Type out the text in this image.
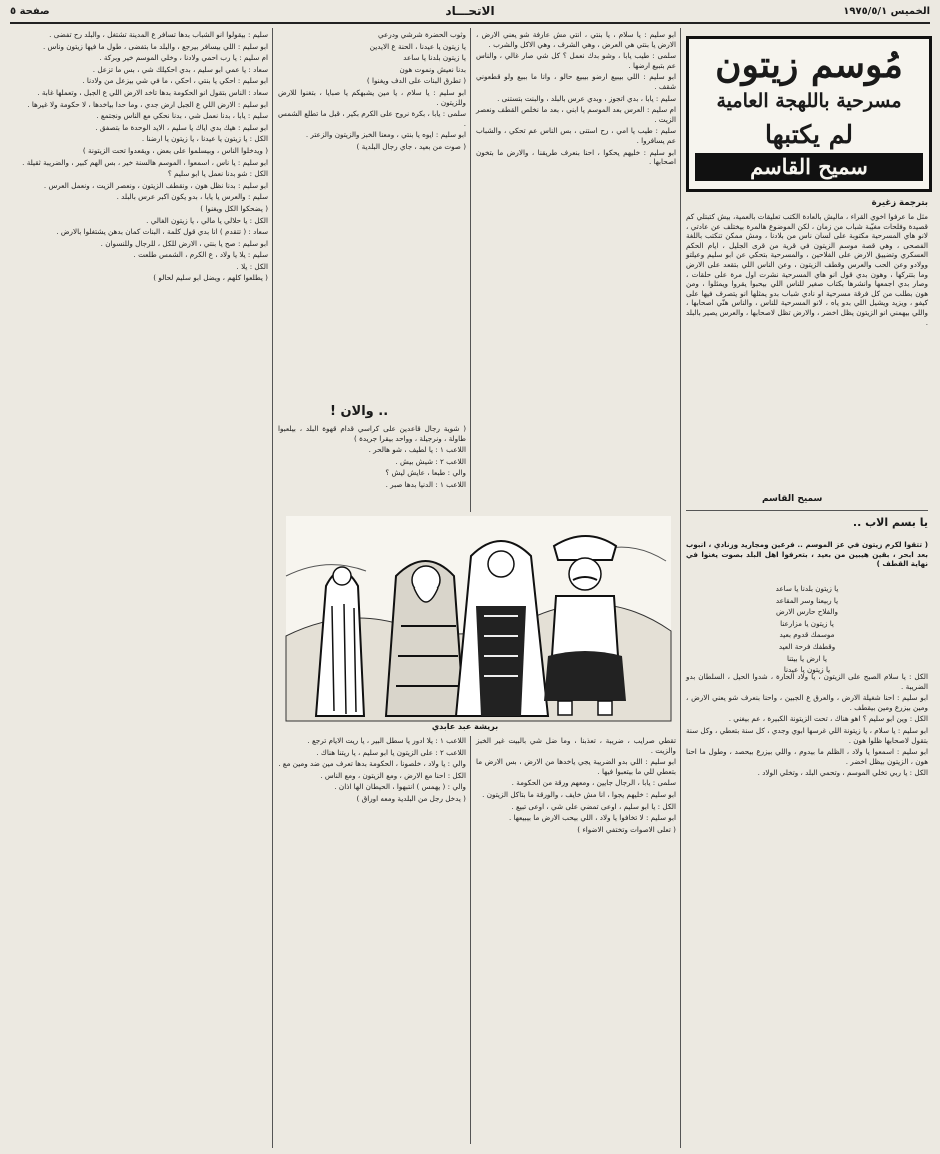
الخميس ١٩٧٥/٥/١
الاتحـــاد
صفحة ٥
مُوسم زيتون
مسرحية باللهجة العامية
لم يكتبها
سميح القاسم
بترجمة زغيرة
مثل ما عرفوا اخوي القراء ، ماليش بالعادة الكتب تعليقات بالعمية، بيش كتبتلي كم قصيدة وفلحات مغيّبة شباب من زمان ، لكن الموضوع هالمرة بيختلف عن عادتي ، لانو هاي المسرحية مكتوبة على لسان ناس من بلادنا ، ومش ممكن تنكتب باللغة الفصحى ، وهي قصة موسم الزيتون في قرية من قرى الجليل ، ايام الحكم العسكري وتضييق الارض على الفلاحين ، والمسرحية بتحكي عن ابو سليم وعيلتو وولادو وعن الحب والعرس وقطف الزيتون ، وعن الناس اللي بتقعد على الارض وما بتتركها ، وهون بدي قول انو هاي المسرحية نشرت اول مرة على حلقات ، وصار بدي اجمعها وانشرها بكتاب صغير للناس اللي بيحبوا يقروا ويمثلوا ، ومن هون بطلب من كل فرقة مسرحية او نادي شباب بدو يمثلها انو يتصرف فيها على كيفو ، ويزيد ويشيل اللي بدو ياه ، لانو المسرحية للناس ، والناس هنّي اصحابها ، واللي بيهمني انو الزيتون يظل اخضر ، والارض تظل لاصحابها ، والعرس يصير بالبلد .
سميح القاسم
يا بسم الاب ..
( تتقوا لكرم زيتون في عز الموسم .. فرعين ومجاريد وزنادي ، انبوب بعد ابحر ، بقين هيبين من بعيد ، بتعرفوا اهل البلد بصوت يغنوا في نهاية القطف )

يا زيتون بلدنا يا ساعد

يا ربيعنا وسر المقاعد

والفلاح حارس الارض

يا زيتون يا مزارعنا

موسمك قدوم بعيد

وقطفك فرحة العيد

يا ارض يا بيتنا

يا زيتون يا عيدنا

الكل : يا سلام الصبح على الزيتون ، يا ولاد الحارة ، شدوا الحيل ، السلطان بدو الضريبة .

ابو سليم : احنا شغيلة الارض ، والعرق ع الجبين ، واحنا بنعرف شو يعني الارض ، ومين بيزرع ومين بيقطف .

الكل : وين ابو سليم ؟ اهو هناك ، تحت الزيتونة الكبيرة ، عم بيغني .

ابو سليم : يا سلام ، يا زيتونة اللي غرسها ابوي وجدي ، كل سنة بتعطي ، وكل سنة بتقول لاصحابها ظلوا هون .

ابو سليم : اسمعوا يا ولاد ، الظلم ما بيدوم ، واللي بيزرع بيحصد ، وطول ما احنا هون ، الزيتون بيظل اخضر .

الكل : يا ربي تخلي الموسم ، وتحمي البلد ، وتخلي الولاد .

ابو سليم : يا سلام ، يا بنتي ، انتي مش عارفة شو يعني الارض ، الارض يا بنتي هي العرض ، وهي الشرف ، وهي الاكل والشرب .

سلمى : طيب يابا ، وشو بدك نعمل ؟ كل شي صار غالي ، والناس عم بتبيع ارضها .

ابو سليم : اللي بيبيع ارضو بيبيع حالو ، وانا ما ببيع ولو قطعوني شقف .

سليم : يابا ، بدي اتجوز ، وبدي عرس بالبلد ، والبنت بتستنى .

ام سليم : العرس بعد الموسم يا ابني ، بعد ما نخلص القطف ونعصر الزيت .

سليم : طيب يا امي ، رح استنى ، بس الناس عم تحكي ، والشباب عم يسافروا .

ابو سليم : خليهم يحكوا ، احنا بنعرف طريقنا ، والارض ما بتخون اصحابها .

وثوب الحضرة شرشي ودرعي

يا زيتون يا عيدنا ، الحنة ع الايدين

يا زيتون بلدنا يا ساعد

بدنا نعيش ونموت هون

( تطرق البنات على الدف ويغنوا )

ابو سليم : يا سلام ، يا مين يشبهكم يا صبايا ، بتغنوا للارض وللزيتون .

سلمى : يابا ، بكرة نروح على الكرم بكير ، قبل ما تطلع الشمس .

ابو سليم : ايوه يا بنتي ، ومعنا الخبز والزيتون والزعتر .

( صوت من بعيد ، جاي رجال البلدية )

.. والان !

( شوية رجال قاعدين على كراسي قدام قهوة البلد ، بيلعبوا طاولة ، ونرجيلة ، وواحد بيقرا جريدة )

اللاعب ١ : يا لطيف ، شو هالحر .

اللاعب ٢ : شيش بيش .

والي : طبعا ، عايش ليش ؟

اللاعب ١ : الدنيا بدها صبر .

بريشة عبد عابدي

تقطي صرايب ، ضريبة ، تعذبنا ، وما ضل شي بالبيت غير الخبز والزيت .

ابو سليم : اللي بدو الضريبة يجي ياخدها من الارض ، بس الارض ما بتعطي للي ما بيتعبوا فيها .

سلمى : يابا ، الرجال جايين ، ومعهم ورقة من الحكومة .

ابو سليم : خليهم يجوا ، انا مش خايف ، والورقة ما بتاكل الزيتون .

الكل : يا ابو سليم ، اوعى تمضي على شي ، اوعى تبيع .

ابو سليم : لا تخافوا يا ولاد ، اللي بيحب الارض ما بيبيعها .

( تعلى الاصوات وتختفي الاضواء )

اللاعب ١ : يلا ادور يا سطل البير ، يا ريت الايام ترجع .

اللاعب ٢ : على الزيتون يا ابو سليم ، يا ريتنا هناك .

والي : يا ولاد ، خلصونا ، الحكومة بدها تعرف مين ضد ومين مع .

الكل : احنا مع الارض ، ومع الزيتون ، ومع الناس .

والي : ( يهمس ) انتبهوا ، الحيطان الها اذان .

( يدخل رجل من البلدية ومعه اوراق )

سليم : بيقولوا انو الشباب بدها تسافر ع المدينة تشتغل ، والبلد رح تفضى .

ابو سليم : اللي بيسافر بيرجع ، والبلد ما بتفضى ، طول ما فيها زيتون وناس .

ام سليم : يا رب احمي ولادنا ، وخلي الموسم خير وبركة .

سعاد : يا عمي ابو سليم ، بدي احكيلك شي ، بس ما تزعل .

ابو سليم : احكي يا بنتي ، احكي ، ما في شي بيزعل من ولادنا .

سعاد : الناس بتقول انو الحكومة بدها تاخد الارض اللي ع الجبل ، وتعملها غابة .

ابو سليم : الارض اللي ع الجبل ارض جدي ، وما حدا بياخدها ، لا حكومة ولا غيرها .

سليم : يابا ، بدنا نعمل شي ، بدنا نحكي مع الناس ونجتمع .

ابو سليم : هيك بدي اياك يا سليم ، الايد الوحدة ما بتصفق .

الكل : يا زيتون يا عيدنا ، يا زيتون يا ارضنا .

( ويدخلوا الناس ، وبيسلموا على بعض ، ويقعدوا تحت الزيتونة )

ابو سليم : يا ناس ، اسمعوا ، الموسم هالسنة خير ، بس الهم كبير ، والضريبة ثقيلة .

الكل : شو بدنا نعمل يا ابو سليم ؟

ابو سليم : بدنا نظل هون ، ونقطف الزيتون ، ونعصر الزيت ، ونعمل العرس .

سليم : والعرس يا يابا ، بدو يكون اكبر عرس بالبلد .

( يضحكوا الكل ويغنوا )

الكل : يا حلالي يا مالي ، يا زيتون الغالي .

سعاد : ( تتقدم ) انا بدي قول كلمة ، البنات كمان بدهن يشتغلوا بالارض .

ابو سليم : صح يا بنتي ، الارض للكل ، للرجال وللنسوان .

سليم : يلا يا ولاد ، ع الكرم ، الشمس طلعت .

الكل : يلا .

( يطلعوا كلهم ، ويضل ابو سليم لحالو )
